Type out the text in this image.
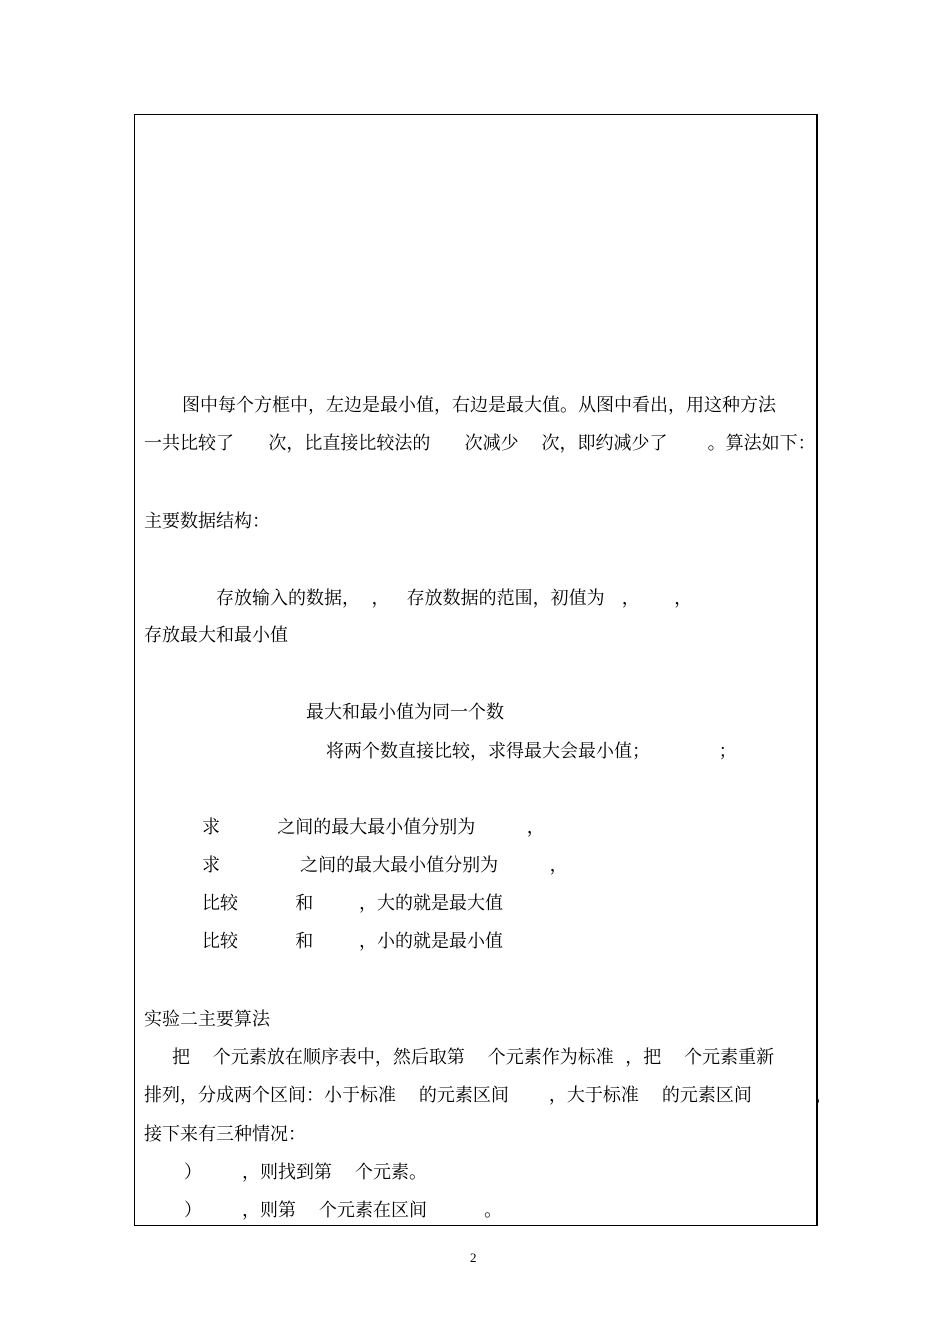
图中每个方框中，左边是最小值，右边是最大值。从图中看出，用这种方法
一共比较了      次，比直接比较法的      次减少    次，即约减少了       。算法如下：
主要数据结构：
存放输入的数据，  ，   存放数据的范围，初值为   ，      ，
存放最大和最小值
最大和最小值为同一个数
将两个数直接比较，求得最大会最小值；            ；
求          之间的最大最小值分别为         ，
求              之间的最大最小值分别为         ，
比较          和        ，大的就是最大值
比较          和        ，小的就是最小值
实验二主要算法
把    个元素放在顺序表中，然后取第    个元素作为标准  ，把    个元素重新
排列，分成两个区间：小于标准    的元素区间       ，大于标准    的元素区间           ，
接下来有三种情况：
）       ，则找到第    个元素。
）       ，则第    个元素在区间          。
2
